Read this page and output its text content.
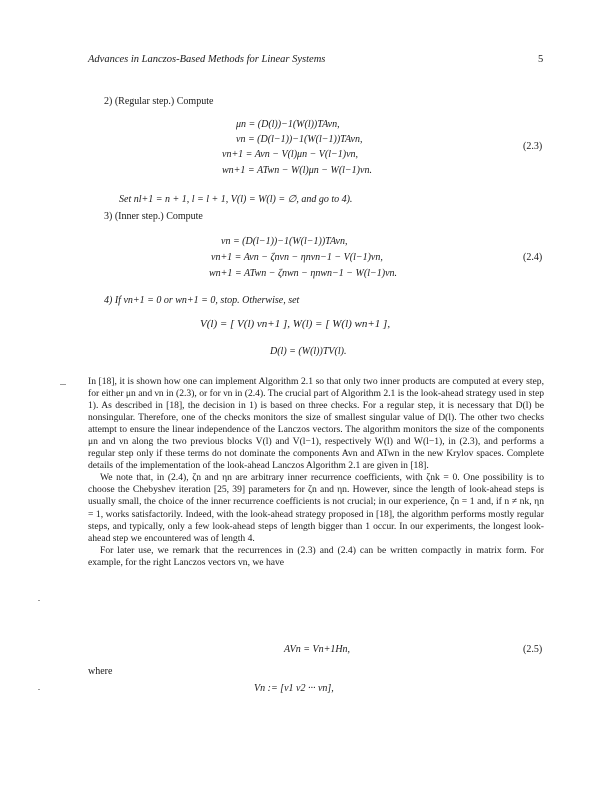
Advances in Lanczos-Based Methods for Linear Systems	5
2) (Regular step.) Compute
μn = (D(l))−1(W(l))TAvn,
νn = (D(l−1))−1(W(l−1))TAvn,
vn+1 = Avn − V(l)μn − V(l−1)νn,
wn+1 = ATwn − W(l)μn − W(l−1)νn.
(2.3)
Set nl+1 = n + 1, l = l + 1, V(l) = W(l) = ∅, and go to 4).
3) (Inner step.) Compute
νn = (D(l−1))−1(W(l−1))TAvn,
vn+1 = Avn − ζnvn − ηnvn−1 − V(l−1)νn,
wn+1 = ATwn − ζnwn − ηnwn−1 − W(l−1)νn.
(2.4)
4) If vn+1 = 0 or wn+1 = 0, stop. Otherwise, set
V(l) = [ V(l) vn+1 ], W(l) = [ W(l) wn+1 ],
D(l) = (W(l))TV(l).

In [18], it is shown how one can implement Algorithm 2.1 so that only two inner products are computed at every step, for either μn and νn in (2.3), or for νn in (2.4). The crucial part of Algorithm 2.1 is the look-ahead strategy used in step 1). As described in [18], the decision in 1) is based on three checks. For a regular step, it is necessary that D(l) be nonsingular. Therefore, one of the checks monitors the size of smallest singular value of D(l). The other two checks attempt to ensure the linear independence of the Lanczos vectors. The algorithm monitors the size of the components μn and νn along the two previous blocks V(l) and V(l−1), respectively W(l) and W(l−1), in (2.3), and performs a regular step only if these terms do not dominate the components Avn and ATwn in the new Krylov spaces. Complete details of the implementation of the look-ahead Lanczos Algorithm 2.1 are given in [18].

We note that, in (2.4), ζn and ηn are arbitrary inner recurrence coefficients, with ζnk = 0. One possibility is to choose the Chebyshev iteration [25, 39] parameters for ζn and ηn. However, since the length of look-ahead steps is usually small, the choice of the inner recurrence coefficients is not crucial; in our experience, ζn = 1 and, if n ≠ nk, ηn = 1, works satisfactorily. Indeed, with the look-ahead strategy proposed in [18], the algorithm performs mostly regular steps, and typically, only a few look-ahead steps of length bigger than 1 occur. In our experiments, the longest look-ahead step we encountered was of length 4.

For later use, we remark that the recurrences in (2.3) and (2.4) can be written compactly in matrix form. For example, for the right Lanczos vectors vn, we have

AVn = Vn+1Hn,	(2.5)
where
Vn := [v1 v2 ··· vn],
